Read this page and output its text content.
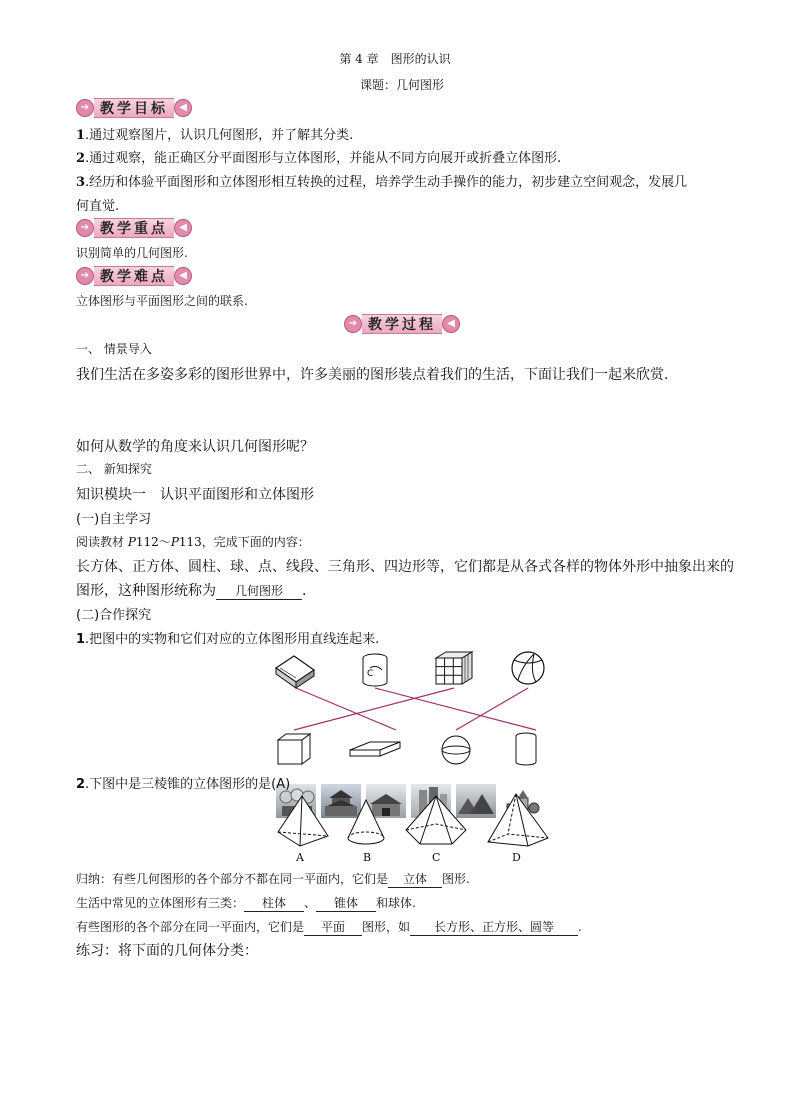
第 4 章　图形的认识
课题：几何图形
➔ 教学目标	◀
1.通过观察图片，认识几何图形，并了解其分类.
2.通过观察，能正确区分平面图形与立体图形，并能从不同方向展开或折叠立体图形.
3.经历和体验平面图形和立体图形相互转换的过程，培养学生动手操作的能力，初步建立空间观念，发展几
何直觉.
➔ 教学重点	◀
识别简单的几何图形.
➔ 教学难点	◀
立体图形与平面图形之间的联系.
➔ 教学过程	◀
一、 情景导入
我们生活在多姿多彩的图形世界中，许多美丽的图形装点着我们的生活，下面让我们一起来欣赏.
如何从数学的角度来认识几何图形呢？
二、 新知探究
知识模块一　认识平面图形和立体图形
(一)自主学习
阅读教材 P112～P113，完成下面的内容：
长方体、正方体、圆柱、球、点、线段、三角形、四边形等，它们都是从各式各样的物体外形中抽象出来的
图形，这种图形统称为 几何图形 .
(二)合作探究
1.把图中的实物和它们对应的立体图形用直线连起来.
C
2.下图中是三棱锥的立体图形的是(A)
A	B	C	D
归纳：有些几何图形的各个部分不都在同一平面内，它们是 立体 图形.
生活中常见的立体图形有三类： 柱体 、 锥体 和球体.
有些图形的各个部分在同一平面内，它们是 平面 图形，如 长方形、正方形、圆等 .
练习：将下面的几何体分类：
